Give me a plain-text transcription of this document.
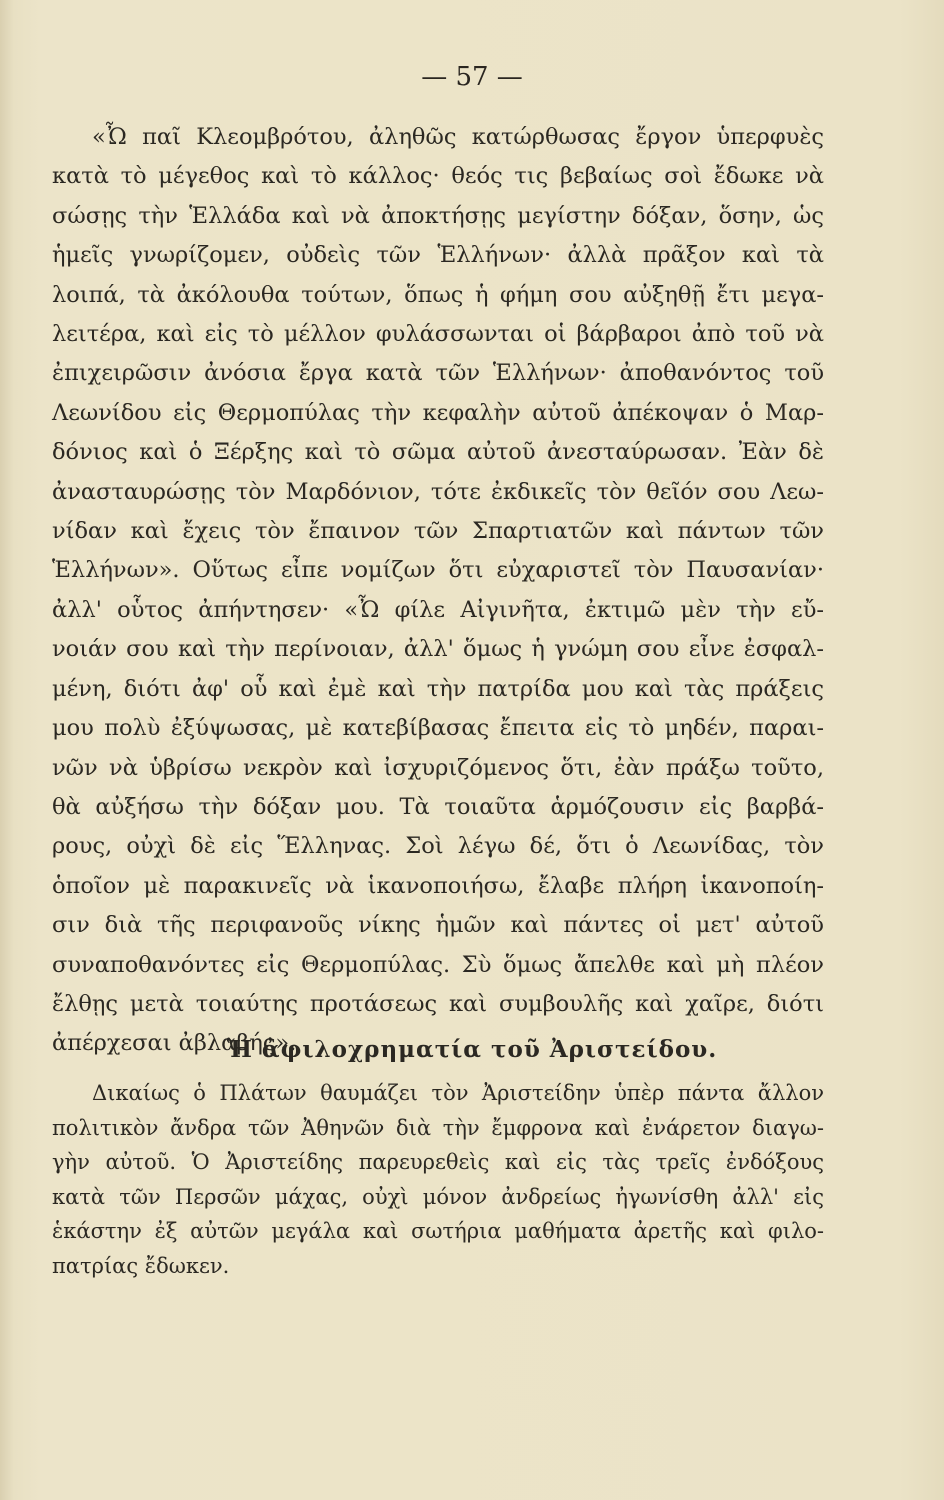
— 57 —
«Ὦ παῖ Κλεομβρότου, ἀληθῶς κατώρθωσας ἔργον ὑπερφυὲς
κατὰ τὸ μέγεθος καὶ τὸ κάλλος· θεός τις βεβαίως σοὶ ἔδωκε νὰ
σώσῃς τὴν Ἑλλάδα καὶ νὰ ἀποκτήσῃς μεγίστην δόξαν, ὅσην, ὡς
ἡμεῖς γνωρίζομεν, οὐδεὶς τῶν Ἑλλήνων· ἀλλὰ πρᾶξον καὶ τὰ
λοιπά, τὰ ἀκόλουθα τούτων, ὅπως ἡ φήμη σου αὐξηθῇ ἔτι μεγα-
λειτέρα, καὶ εἰς τὸ μέλλον φυλάσσωνται οἱ βάρβαροι ἀπὸ τοῦ νὰ
ἐπιχειρῶσιν ἀνόσια ἔργα κατὰ τῶν Ἑλλήνων· ἀποθανόντος τοῦ
Λεωνίδου εἰς Θερμοπύλας τὴν κεφαλὴν αὐτοῦ ἀπέκοψαν ὁ Μαρ-
δόνιος καὶ ὁ Ξέρξης καὶ τὸ σῶμα αὐτοῦ ἀνεσταύρωσαν. Ἐὰν δὲ
ἀνασταυρώσῃς τὸν Μαρδόνιον, τότε ἐκδικεῖς τὸν θεῖόν σου Λεω-
νίδαν καὶ ἔχεις τὸν ἔπαινον τῶν Σπαρτιατῶν καὶ πάντων τῶν
Ἑλλήνων». Οὕτως εἶπε νομίζων ὅτι εὐχαριστεῖ τὸν Παυσανίαν·
ἀλλ' οὗτος ἀπήντησεν· «Ὦ φίλε Αἰγινῆτα, ἐκτιμῶ μὲν τὴν εὔ-
νοιάν σου καὶ τὴν περίνοιαν, ἀλλ' ὅμως ἡ γνώμη σου εἶνε ἐσφαλ-
μένη, διότι ἀφ' οὗ καὶ ἐμὲ καὶ τὴν πατρίδα μου καὶ τὰς πράξεις
μου πολὺ ἐξύψωσας, μὲ κατεβίβασας ἔπειτα εἰς τὸ μηδέν, παραι-
νῶν νὰ ὑβρίσω νεκρὸν καὶ ἰσχυριζόμενος ὅτι, ἐὰν πράξω τοῦτο,
θὰ αὐξήσω τὴν δόξαν μου. Τὰ τοιαῦτα ἁρμόζουσιν εἰς βαρβά-
ρους, οὐχὶ δὲ εἰς Ἕλληνας. Σοὶ λέγω δέ, ὅτι ὁ Λεωνίδας, τὸν
ὁποῖον μὲ παρακινεῖς νὰ ἱκανοποιήσω, ἔλαβε πλήρη ἱκανοποίη-
σιν διὰ τῆς περιφανοῦς νίκης ἡμῶν καὶ πάντες οἱ μετ' αὐτοῦ
συναποθανόντες εἰς Θερμοπύλας. Σὺ ὅμως ἄπελθε καὶ μὴ πλέον
ἔλθῃς μετὰ τοιαύτης προτάσεως καὶ συμβουλῆς καὶ χαῖρε, διότι
ἀπέρχεσαι ἀβλαβής».
Ἡ ἀφιλοχρηματία τοῦ Ἀριστείδου.
Δικαίως ὁ Πλάτων θαυμάζει τὸν Ἀριστείδην ὑπὲρ πάντα ἄλλον
πολιτικὸν ἄνδρα τῶν Ἀθηνῶν διὰ τὴν ἔμφρονα καὶ ἐνάρετον διαγω-
γὴν αὐτοῦ. Ὁ Ἀριστείδης παρευρεθεὶς καὶ εἰς τὰς τρεῖς ἐνδόξους
κατὰ τῶν Περσῶν μάχας, οὐχὶ μόνον ἀνδρείως ἠγωνίσθη ἀλλ' εἰς
ἑκάστην ἐξ αὐτῶν μεγάλα καὶ σωτήρια μαθήματα ἀρετῆς καὶ φιλο-
πατρίας ἔδωκεν.
